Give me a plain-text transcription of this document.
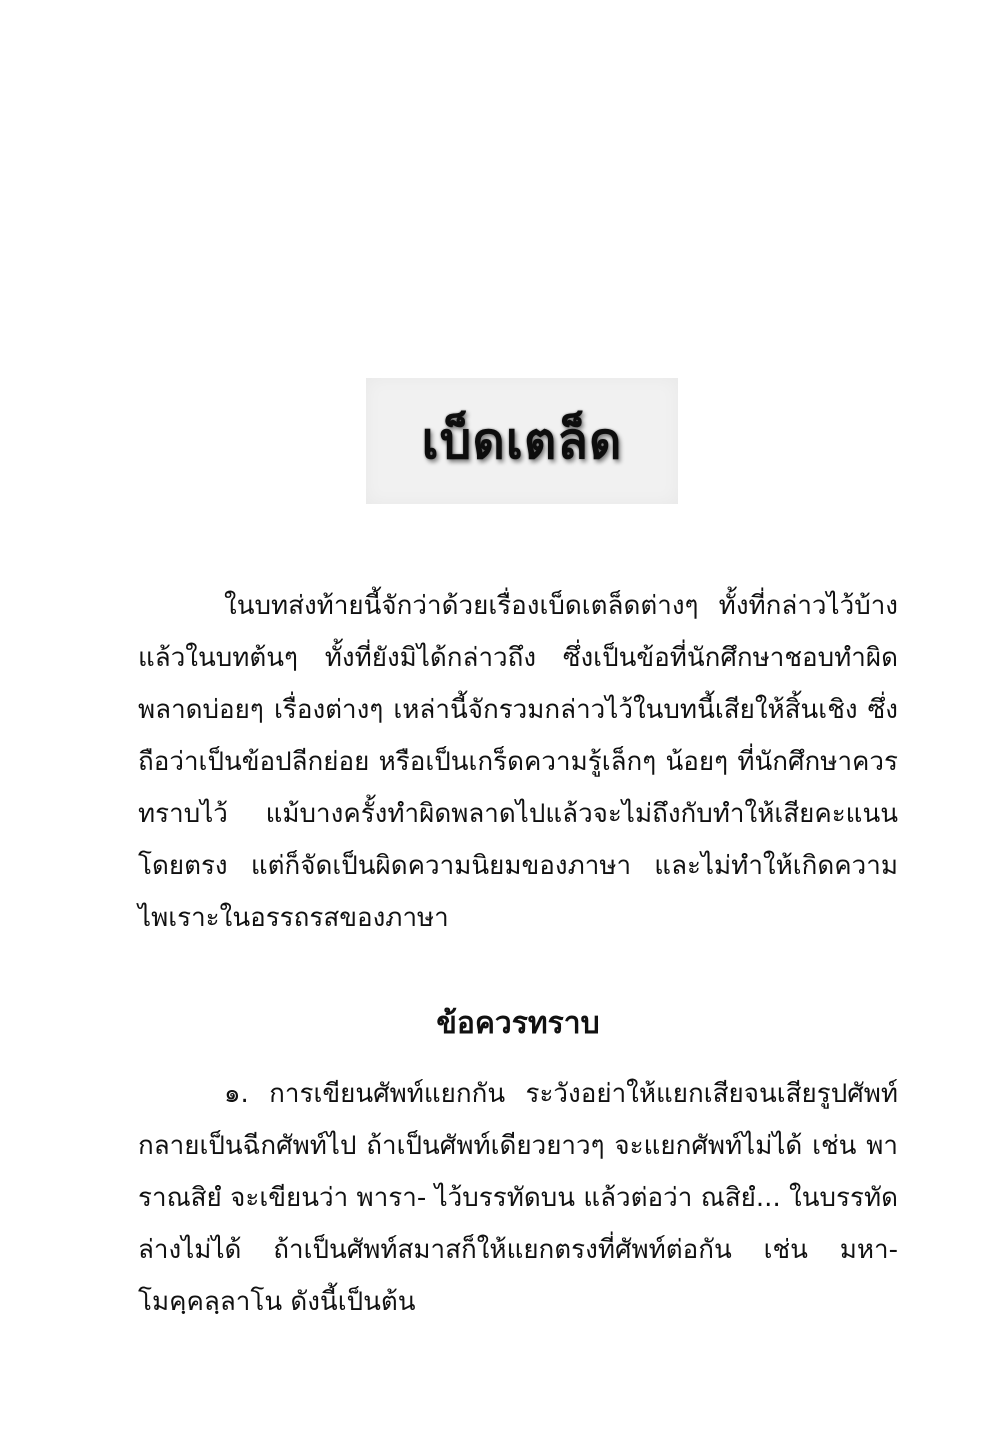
เบ็ดเตล็ด
ในบทส่งท้ายนี้จักว่าด้วยเรื่องเบ็ดเตล็ดต่างๆ ทั้งที่กล่าวไว้บ้าง แล้วในบทต้นๆ ทั้งที่ยังมิได้กล่าวถึง ซึ่งเป็นข้อที่นักศึกษาชอบทำผิดพลาดบ่อยๆ เรื่องต่างๆ เหล่านี้จักรวมกล่าวไว้ในบทนี้เสียให้สิ้นเชิง ซึ่งถือว่าเป็นข้อปลีกย่อย หรือเป็นเกร็ดความรู้เล็กๆ น้อยๆ ที่นักศึกษาควรทราบไว้ แม้บางครั้งทำผิดพลาดไปแล้วจะไม่ถึงกับทำให้เสียคะแนนโดยตรง แต่ก็จัดเป็นผิดความนิยมของภาษา และไม่ทำให้เกิดความไพเราะในอรรถรสของภาษา
ข้อควรทราบ
๑. การเขียนศัพท์แยกกัน ระวังอย่าให้แยกเสียจนเสียรูปศัพท์ กลายเป็นฉีกศัพท์ไป ถ้าเป็นศัพท์เดียวยาวๆ จะแยกศัพท์ไม่ได้ เช่น พาราณสิยํ จะเขียนว่า พารา- ไว้บรรทัดบน แล้วต่อว่า ณสิยํ... ในบรรทัดล่างไม่ได้ ถ้าเป็นศัพท์สมาสก็ให้แยกตรงที่ศัพท์ต่อกัน เช่น มหา- โมคฺคลฺลาโน ดังนี้เป็นต้น
